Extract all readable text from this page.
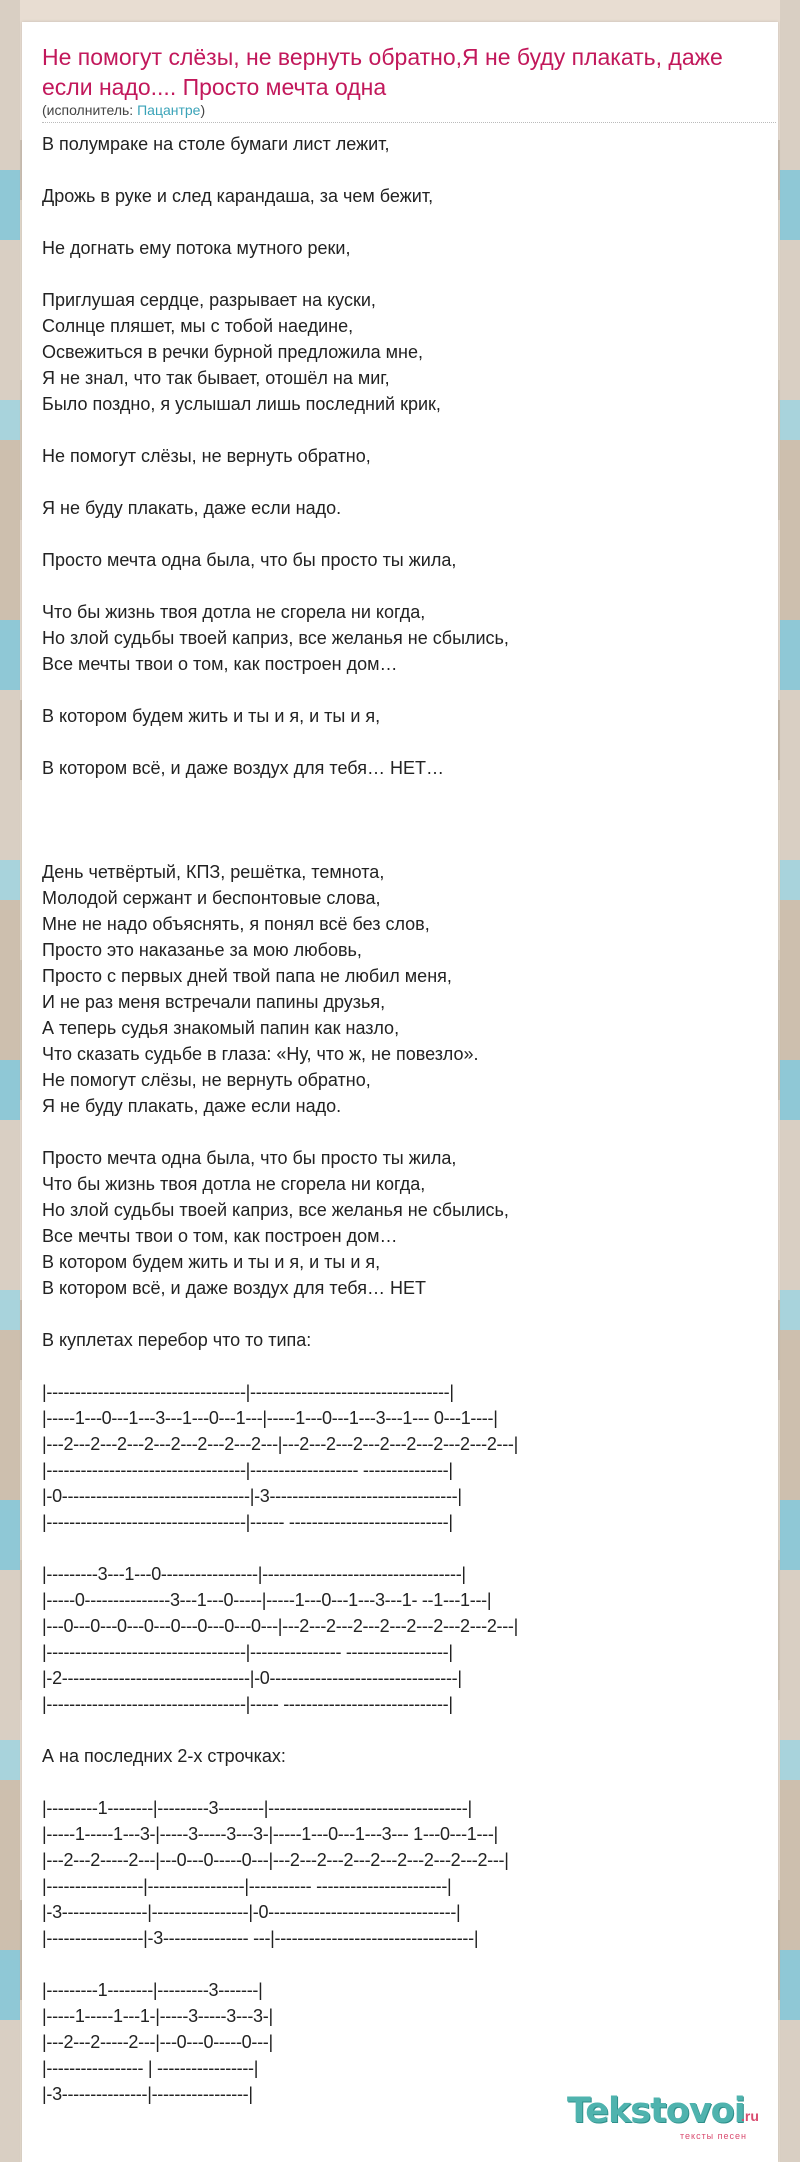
Не помогут слёзы, не вернуть обратно,Я не буду плакать, даже если надо.... Просто мечта одна
(исполнитель: Пацантре)
В полумраке на столе бумаги лист лежит,
Дрожь в руке и след карандаша, за чем бежит,
Не догнать ему потока мутного реки,
Приглушая сердце, разрывает на куски,
Солнце пляшет, мы с тобой наедине,
Освежиться в речки бурной предложила мне,
Я не знал, что так бывает, отошёл на миг,
Было поздно, я услышал лишь последний крик,
Не помогут слёзы, не вернуть обратно,
Я не буду плакать, даже если надо.
Просто мечта одна была, что бы просто ты жила,
Что бы жизнь твоя дотла не сгорела ни когда,
Но злой судьбы твоей каприз, все желанья не сбылись,
Все мечты твои о том, как построен дом…
В котором будем жить и ты и я, и ты и я,
В котором всё, и даже воздух для тебя… НЕТ…
День четвёртый, КПЗ, решётка, темнота,
Молодой сержант и беспонтовые слова,
Мне не надо объяснять, я понял всё без слов,
Просто это наказанье за мою любовь,
Просто с первых дней твой папа не любил меня,
И не раз меня встречали папины друзья,
А теперь судья знакомый папин как назло,
Что сказать судьбе в глаза: «Ну, что ж, не повезло».
Не помогут слёзы, не вернуть обратно,
Я не буду плакать, даже если надо.
Просто мечта одна была, что бы просто ты жила,
Что бы жизнь твоя дотла не сгорела ни когда,
Но злой судьбы твоей каприз, все желанья не сбылись,
Все мечты твои о том, как построен дом…
В котором будем жить и ты и я, и ты и я,
В котором всё, и даже воздух для тебя… НЕТ
В куплетах перебор что то типа:
|-----------------------------------|-----------------------------------|
|-----1---0---1---3---1---0---1---|-----1---0---1---3---1--- 0---1----|
|---2---2---2---2---2---2---2---2---|---2---2---2---2---2---2---2---2---|
|-----------------------------------|------------------- ---------------|
|-0---------------------------------|-3---------------------------------|
|-----------------------------------|------ ----------------------------|
|---------3---1---0-----------------|-----------------------------------|
|-----0---------------3---1---0-----|-----1---0---1---3---1- --1---1---|
|---0---0---0---0---0---0---0---0---|---2---2---2---2---2---2---2---2---|
|-----------------------------------|---------------- ------------------|
|-2---------------------------------|-0---------------------------------|
|-----------------------------------|----- -----------------------------|
А на последних 2-х строчках:
|---------1--------|---------3--------|-----------------------------------|
|-----1-----1---3-|-----3-----3---3-|-----1---0---1---3--- 1---0---1---|
|---2---2-----2---|---0---0-----0---|---2---2---2---2---2---2---2---2---|
|-----------------|-----------------|----------- -----------------------|
|-3---------------|-----------------|-0---------------------------------|
|-----------------|-3--------------- ---|-----------------------------------|
|---------1--------|---------3-------|
|-----1-----1---1-|-----3-----3---3-|
|---2---2-----2---|---0---0-----0---|
|----------------- | -----------------|
|-3---------------|-----------------|	Tekstovoi
.ru
тексты песен
